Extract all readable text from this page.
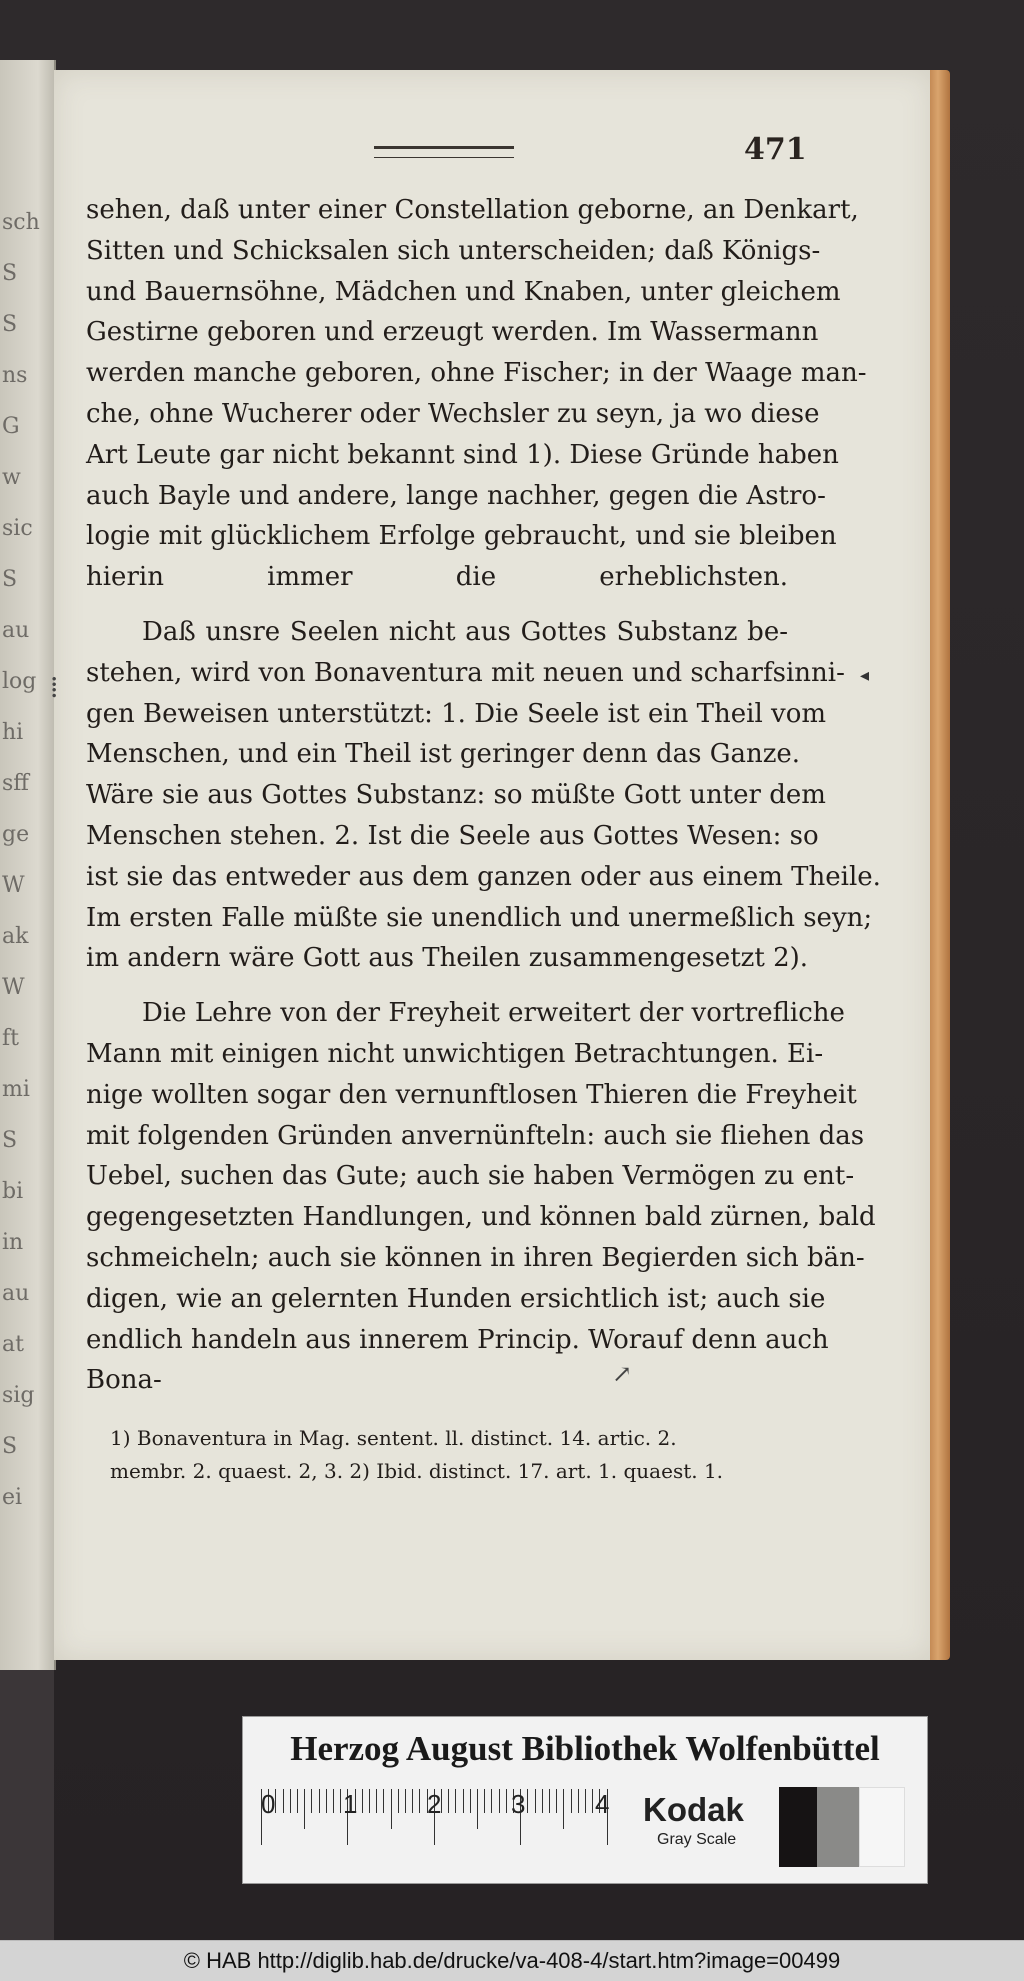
sch
S
S
ns
G
w
sic
S
au
log
hi
sff
ge
W
ak
W
ft
mi
S
bi
in
au
at
sig
S
ei
471
sehen, daß unter einer Constellation geborne, an Denkart,
Sitten und Schicksalen sich unterscheiden; daß Königs-
und Bauernsöhne, Mädchen und Knaben, unter gleichem
Gestirne geboren und erzeugt werden. Im Wassermann
werden manche geboren, ohne Fischer; in der Waage man-
che, ohne Wucherer oder Wechsler zu seyn, ja wo diese
Art Leute gar nicht bekannt sind 1). Diese Gründe haben
auch Bayle und andere, lange nachher, gegen die Astro-
logie mit glücklichem Erfolge gebraucht, und sie bleiben
hierin immer die erheblichsten.
Daß unsre Seelen nicht aus Gottes Substanz be-
stehen, wird von Bonaventura mit neuen und scharfsinni-
gen Beweisen unterstützt: 1. Die Seele ist ein Theil vom
Menschen, und ein Theil ist geringer denn das Ganze.
Wäre sie aus Gottes Substanz: so müßte Gott unter dem
Menschen stehen. 2. Ist die Seele aus Gottes Wesen: so
ist sie das entweder aus dem ganzen oder aus einem Theile.
Im ersten Falle müßte sie unendlich und unermeßlich seyn;
im andern wäre Gott aus Theilen zusammengesetzt 2).
Die Lehre von der Freyheit erweitert der vortrefliche
Mann mit einigen nicht unwichtigen Betrachtungen. Ei-
nige wollten sogar den vernunftlosen Thieren die Freyheit
mit folgenden Gründen anvernünfteln: auch sie fliehen das
Uebel, suchen das Gute; auch sie haben Vermögen zu ent-
gegengesetzten Handlungen, und können bald zürnen, bald
schmeicheln; auch sie können in ihren Begierden sich bän-
digen, wie an gelernten Hunden ersichtlich ist; auch sie
endlich handeln aus innerem Princip. Worauf denn auch
Bona-
1) Bonaventura in Mag. sentent. ll. distinct. 14. artic. 2.
membr. 2. quaest. 2, 3. 2) Ibid. distinct. 17. art. 1. quaest. 1.
◂
↗
⁞
Herzog August Bibliothek Wolfenbüttel
0	1	2	3	4 Kodak
Gray Scale
© HAB http://diglib.hab.de/drucke/va-408-4/start.htm?image=00499
